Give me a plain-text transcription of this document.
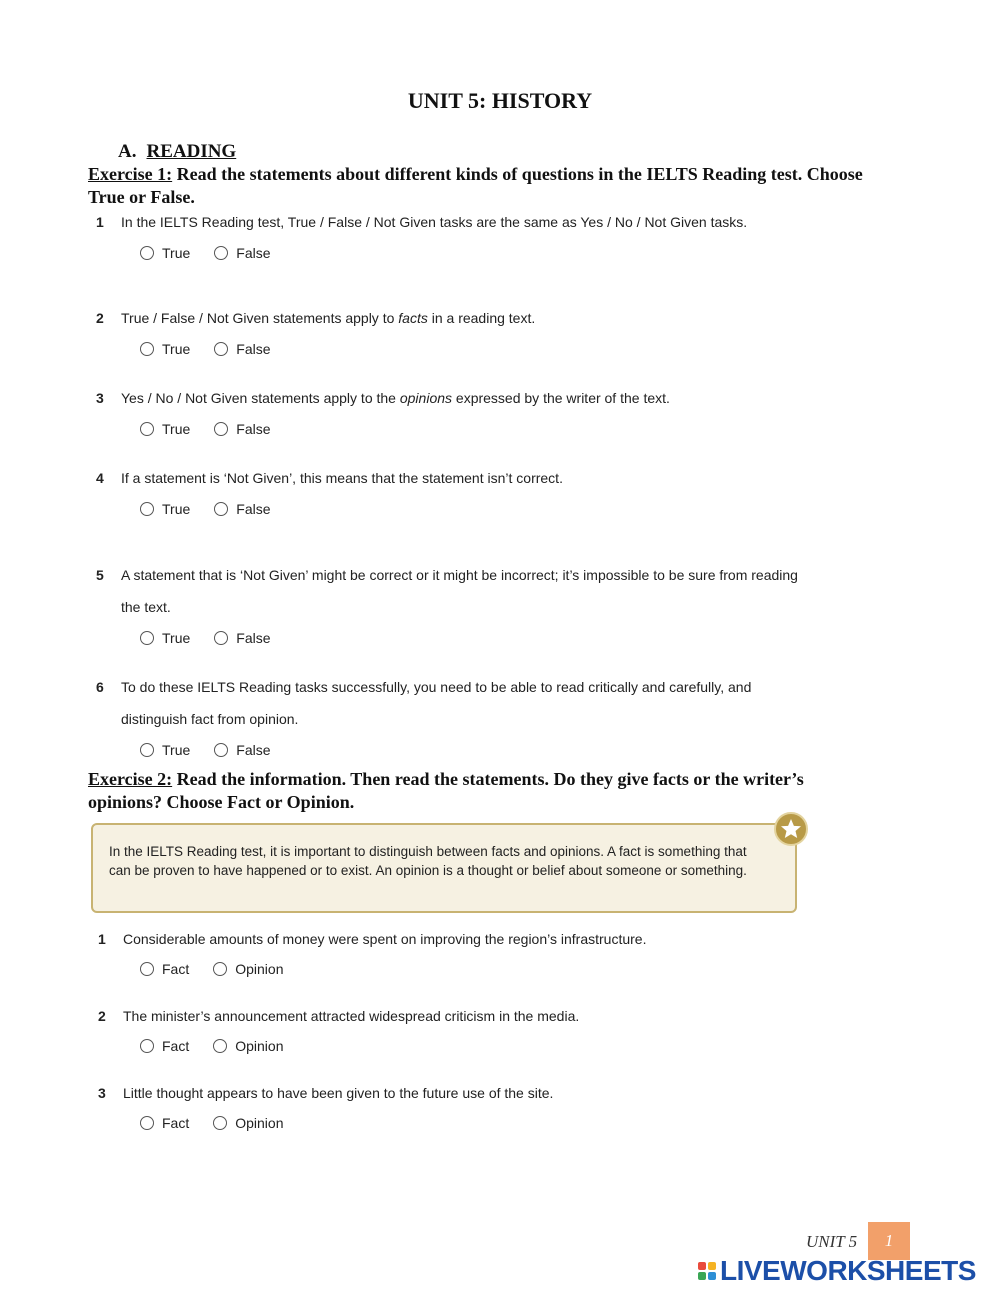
UNIT 5: HISTORY
A. READING
Exercise 1: Read the statements about different kinds of questions in the IELTS Reading test. Choose True or False.
1 In the IELTS Reading test, True / False / Not Given tasks are the same as Yes / No / Not Given tasks.
True	False
2 True / False / Not Given statements apply to facts in a reading text.
True	False
3 Yes / No / Not Given statements apply to the opinions expressed by the writer of the text.
True	False
4 If a statement is ‘Not Given’, this means that the statement isn’t correct.
True	False
5 A statement that is ‘Not Given’ might be correct or it might be incorrect; it’s impossible to be sure from reading the text.
True	False
6 To do these IELTS Reading tasks successfully, you need to be able to read critically and carefully, and distinguish fact from opinion.
True	False
Exercise 2: Read the information. Then read the statements. Do they give facts or the writer’s opinions? Choose Fact or Opinion.
In the IELTS Reading test, it is important to distinguish between facts and opinions. A fact is something that can be proven to have happened or to exist. An opinion is a thought or belief about someone or something.
1 Considerable amounts of money were spent on improving the region’s infrastructure.
Fact	Opinion
2 The minister’s announcement attracted widespread criticism in the media.
Fact	Opinion
3 Little thought appears to have been given to the future use of the site.
Fact	Opinion
UNIT 5	1
LIVEWORKSHEETS
